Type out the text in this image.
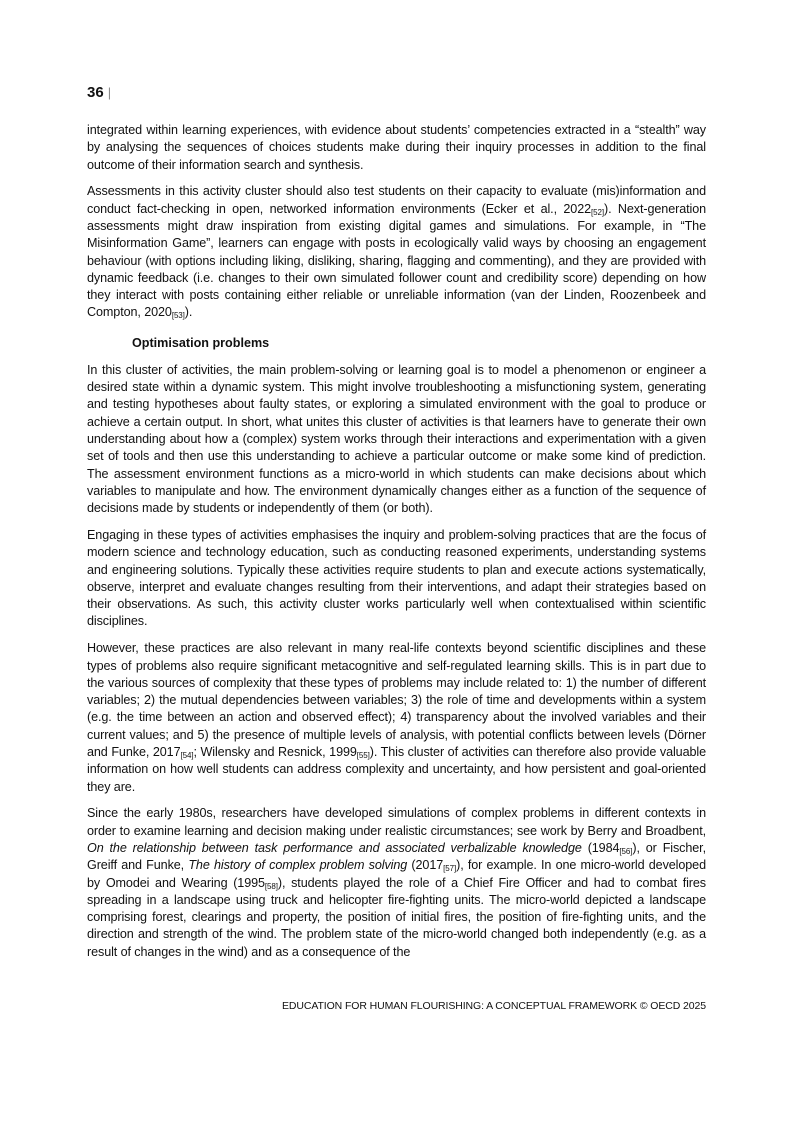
36 |

integrated within learning experiences, with evidence about students’ competencies extracted in a “stealth” way by analysing the sequences of choices students make during their inquiry processes in addition to the final outcome of their information search and synthesis.

Assessments in this activity cluster should also test students on their capacity to evaluate (mis)information and conduct fact-checking in open, networked information environments (Ecker et al., $2022_{[52]}$). Next-generation assessments might draw inspiration from existing digital games and simulations. For example, in “The Misinformation Game”, learners can engage with posts in ecologically valid ways by choosing an engagement behaviour (with options including liking, disliking, sharing, flagging and commenting), and they are provided with dynamic feedback (i.e. changes to their own simulated follower count and credibility score) depending on how they interact with posts containing either reliable or unreliable information (van der Linden, Roozenbeek and Compton, $2020_{[53]}$).

Optimisation problems

In this cluster of activities, the main problem-solving or learning goal is to model a phenomenon or engineer a desired state within a dynamic system. This might involve troubleshooting a misfunctioning system, generating and testing hypotheses about faulty states, or exploring a simulated environment with the goal to produce or achieve a certain output. In short, what unites this cluster of activities is that learners have to generate their own understanding about how a (complex) system works through their interactions and experimentation with a given set of tools and then use this understanding to achieve a particular outcome or make some kind of prediction. The assessment environment functions as a micro-world in which students can make decisions about which variables to manipulate and how. The environment dynamically changes either as a function of the sequence of decisions made by students or independently of them (or both).

Engaging in these types of activities emphasises the inquiry and problem-solving practices that are the focus of modern science and technology education, such as conducting reasoned experiments, understanding systems and engineering solutions. Typically these activities require students to plan and execute actions systematically, observe, interpret and evaluate changes resulting from their interventions, and adapt their strategies based on their observations. As such, this activity cluster works particularly well when contextualised within scientific disciplines.

However, these practices are also relevant in many real-life contexts beyond scientific disciplines and these types of problems also require significant metacognitive and self-regulated learning skills. This is in part due to the various sources of complexity that these types of problems may include related to: 1) the number of different variables; 2) the mutual dependencies between variables; 3) the role of time and developments within a system (e.g. the time between an action and observed effect); 4) transparency about the involved variables and their current values; and 5) the presence of multiple levels of analysis, with potential conflicts between levels (Dörner and Funke, $2017_{[54]}$; Wilensky and Resnick, $1999_{[55]}$). This cluster of activities can therefore also provide valuable information on how well students can address complexity and uncertainty, and how persistent and goal-oriented they are.

Since the early 1980s, researchers have developed simulations of complex problems in different contexts in order to examine learning and decision making under realistic circumstances; see work by Berry and Broadbent, On the relationship between task performance and associated verbalizable knowledge $(1984_{[56]})$, or Fischer, Greiff and Funke, The history of complex problem solving $(2017_{[57]})$, for example. In one micro-world developed by Omodei and Wearing $(1995_{[58]})$, students played the role of a Chief Fire Officer and had to combat fires spreading in a landscape using truck and helicopter fire-fighting units. The micro-world depicted a landscape comprising forest, clearings and property, the position of initial fires, the position of fire-fighting units, and the direction and strength of the wind. The problem state of the micro-world changed both independently (e.g. as a result of changes in the wind) and as a consequence of the

EDUCATION FOR HUMAN FLOURISHING: A CONCEPTUAL FRAMEWORK © OECD 2025
